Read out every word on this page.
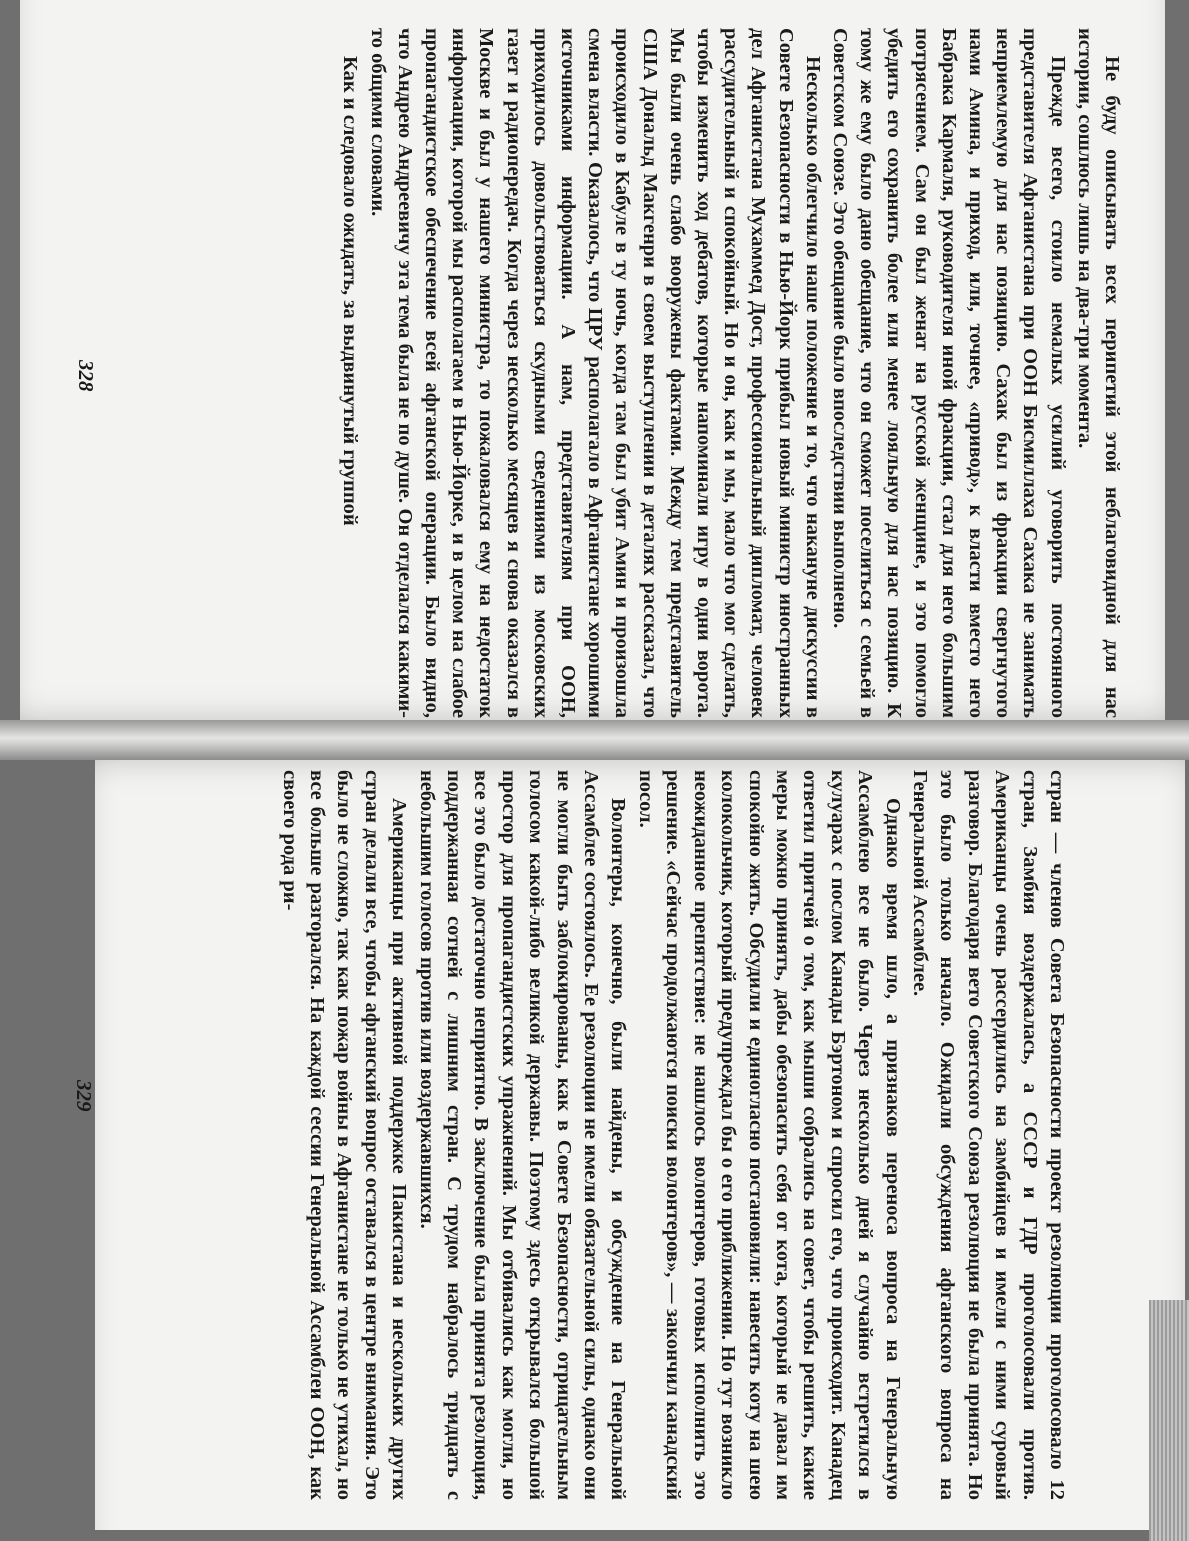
Не буду описывать всех перипетий этой неблаговидной для нас истории, сошлюсь лишь на два-три момента.

Прежде всего, стоило немалых усилий уговорить постоянного представителя Афганистана при ООН Бисмиллаха Сахака не занимать неприемлемую для нас позицию. Сахак был из фракции свергнутого нами Амина, и приход, или, точнее, «привод», к власти вместо него Бабрака Кармаля, руководителя иной фракции, стал для него большим потрясением. Сам он был женат на русской женщине, и это помогло убедить его сохранить более или менее лояльную для нас позицию. К тому же ему было дано обещание, что он сможет поселиться с семьей в Советском Союзе. Это обещание было впоследствии выполнено.

Несколько облегчило наше положение и то, что накануне дискуссии в Совете Безопасности в Нью-Йорк прибыл новый министр иностранных дел Афганистана Мухаммед Дост, профессиональный дипломат, человек рассудительный и спокойный. Но и он, как и мы, мало что мог сделать, чтобы изменить ход дебатов, которые напоминали игру в одни ворота. Мы были очень слабо вооружены фактами. Между тем представитель США Дональд Макгенри в своем выступлении в деталях рассказал, что происходило в Кабуле в ту ночь, когда там был убит Амин и произошла смена власти. Оказалось, что ЦРУ располагало в Афганистане хорошими источниками информации. А нам, представителям при ООН, приходилось довольствоваться скудными сведениями из московских газет и радиопередач. Когда через несколько месяцев я снова оказался в Москве и был у нашего министра, то пожаловался ему на недостаток информации, которой мы располагаем в Нью-Йорке, и в целом на слабое пропагандистское обеспечение всей афганской операции. Было видно, что Андрею Андреевичу эта тема была не по душе. Он отделался какими-то общими словами.

Как и следовало ожидать, за выдвинутый группой

328

стран — членов Совета Безопасности проект резолюции проголосовало 12 стран, Замбия воздержалась, а СССР и ГДР проголосовали против. Американцы очень рассердились на замбийцев и имели с ними суровый разговор. Благодаря вето Советского Союза резолюция не была принята. Но это было только начало. Ожидали обсуждения афганского вопроса на Генеральной Ассамблее.

Однако время шло, а признаков переноса вопроса на Генеральную Ассамблею все не было. Через несколько дней я случайно встретился в кулуарах с послом Канады Бэртоном и спросил его, что происходит. Канадец ответил притчей о том, как мыши собрались на совет, чтобы решить, какие меры можно принять, дабы обезопасить себя от кота, который не давал им спокойно жить. Обсудили и единогласно постановили: навесить коту на шею колокольчик, который предупреждал бы о его приближении. Но тут возникло неожиданное препятствие: не нашлось волонтеров, готовых исполнить это решение. «Сейчас продолжаются поиски волонтеров», — закончил канадский посол.

Волонтеры, конечно, были найдены, и обсуждение на Генеральной Ассамблее состоялось. Ее резолюции не имели обязательной силы, однако они не могли быть заблокированы, как в Совете Безопасности, отрицательным голосом какой-либо великой державы. Поэтому здесь открывался большой простор для пропагандистских упражнений. Мы отбивались как могли, но все это было достаточно неприятно. В заключение была принята резолюция, поддержанная сотней с лишним стран. С трудом набралось тридцать с небольшим голосов против или воздержавшихся.

Американцы при активной поддержке Пакистана и нескольких других стран делали все, чтобы афганский вопрос оставался в центре внимания. Это было не сложно, так как пожар войны в Афганистане не только не утихал, но все больше разгорался. На каждой сессии Генеральной Ассамблеи ООН, как своего рода ри-

329
